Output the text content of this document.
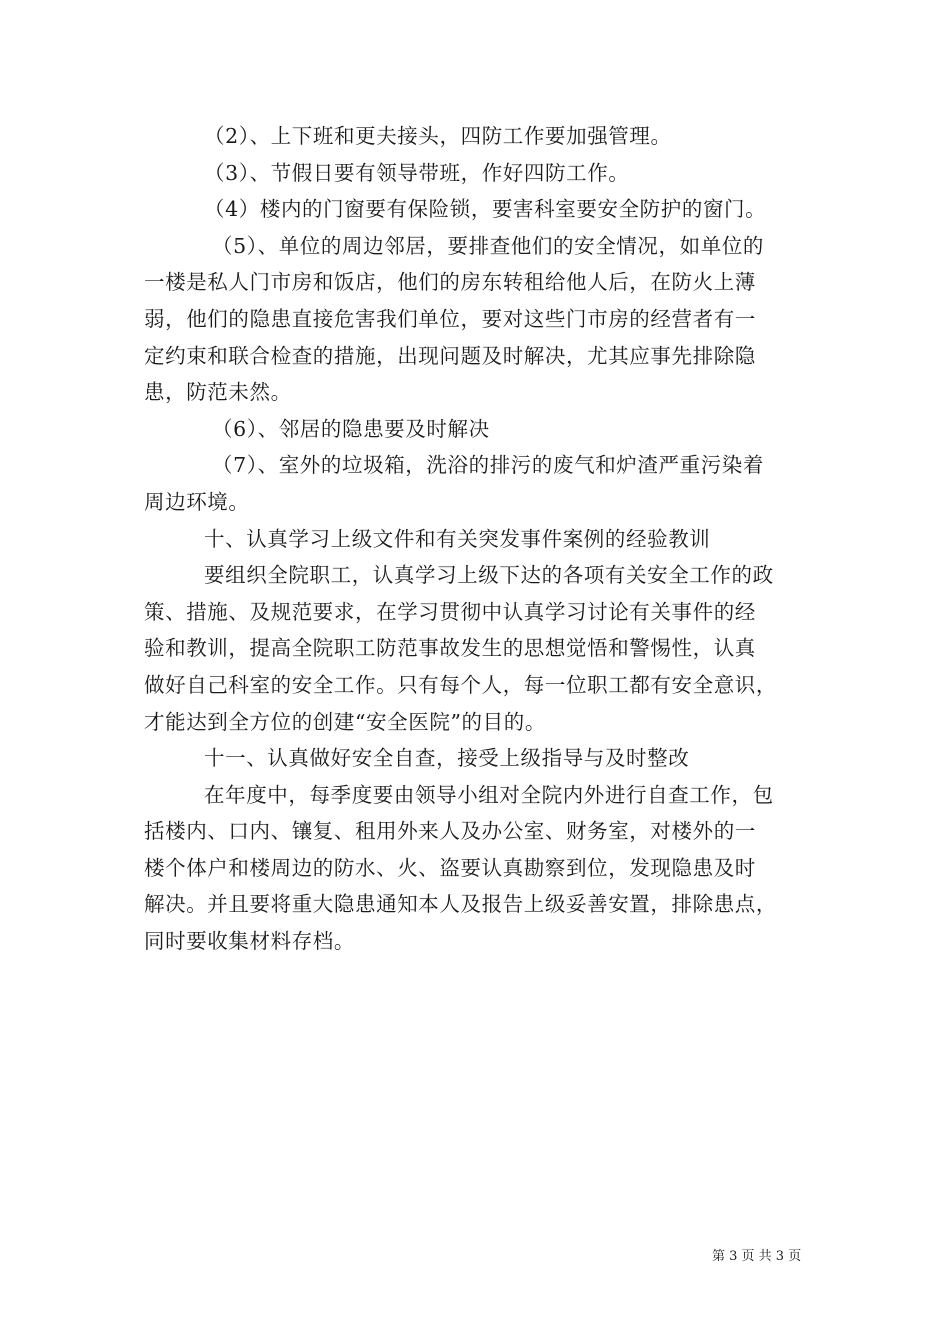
（2）、上下班和更夫接头，四防工作要加强管理。
（3）、节假日要有领导带班，作好四防工作。
（4）楼内的门窗要有保险锁，要害科室要安全防护的窗门。
（5）、单位的周边邻居，要排查他们的安全情况，如单位的
一楼是私人门市房和饭店，他们的房东转租给他人后，在防火上薄
弱，他们的隐患直接危害我们单位，要对这些门市房的经营者有一
定约束和联合检查的措施，出现问题及时解决，尤其应事先排除隐
患，防范未然。
（6）、邻居的隐患要及时解决
（7）、室外的垃圾箱，洗浴的排污的废气和炉渣严重污染着
周边环境。
十、认真学习上级文件和有关突发事件案例的经验教训
要组织全院职工，认真学习上级下达的各项有关安全工作的政
策、措施、及规范要求，在学习贯彻中认真学习讨论有关事件的经
验和教训，提高全院职工防范事故发生的思想觉悟和警惕性，认真
做好自己科室的安全工作。只有每个人，每一位职工都有安全意识，
才能达到全方位的创建“安全医院”的目的。
十一、认真做好安全自查，接受上级指导与及时整改
在年度中，每季度要由领导小组对全院内外进行自查工作，包
括楼内、口内、镶复、租用外来人及办公室、财务室，对楼外的一
楼个体户和楼周边的防水、火、盗要认真勘察到位，发现隐患及时
解决。并且要将重大隐患通知本人及报告上级妥善安置，排除患点，
同时要收集材料存档。
第 3 页 共 3 页
